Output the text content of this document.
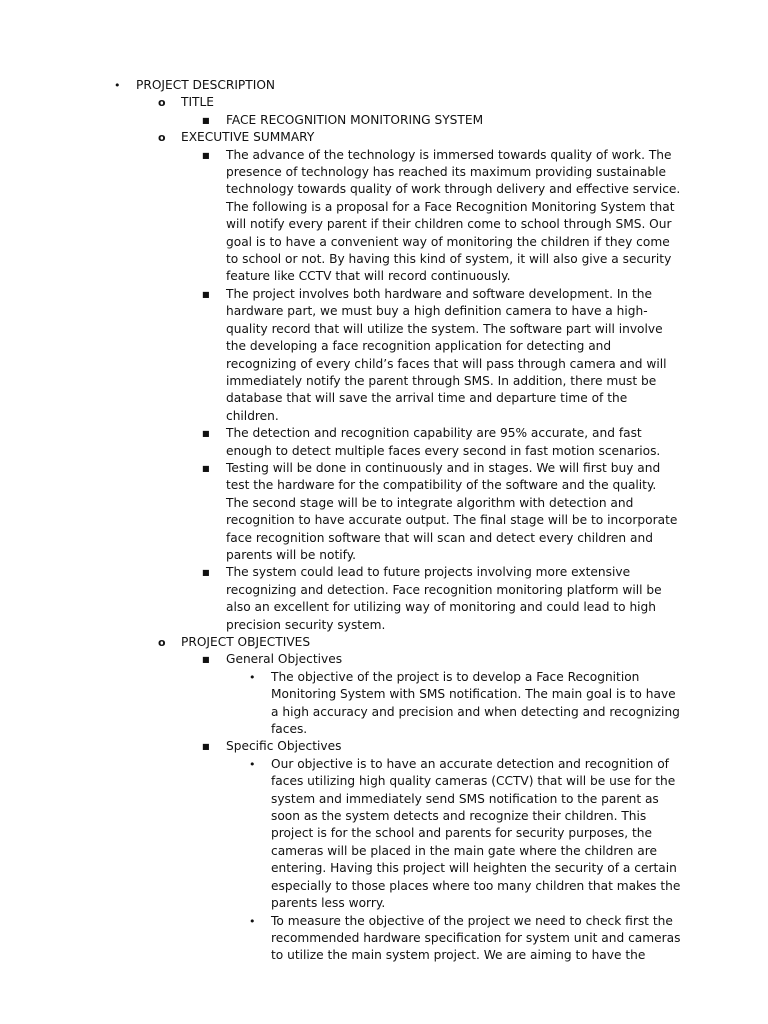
• PROJECT DESCRIPTION
o TITLE
■ FACE RECOGNITION MONITORING SYSTEM
o EXECUTIVE SUMMARY
■ The advance of the technology is immersed towards quality of work. The presence of technology has reached its maximum providing sustainable technology towards quality of work through delivery and effective service. The following is a proposal for a Face Recognition Monitoring System that will notify every parent if their children come to school through SMS. Our goal is to have a convenient way of monitoring the children if they come to school or not. By having this kind of system, it will also give a security feature like CCTV that will record continuously.
■ The project involves both hardware and software development. In the hardware part, we must buy a high definition camera to have a high-quality record that will utilize the system. The software part will involve the developing a face recognition application for detecting and recognizing of every child’s faces that will pass through camera and will immediately notify the parent through SMS. In addition, there must be database that will save the arrival time and departure time of the children.
■ The detection and recognition capability are 95% accurate, and fast enough to detect multiple faces every second in fast motion scenarios.
■ Testing will be done in continuously and in stages. We will first buy and test the hardware for the compatibility of the software and the quality. The second stage will be to integrate algorithm with detection and recognition to have accurate output. The final stage will be to incorporate face recognition software that will scan and detect every children and parents will be notify.
■ The system could lead to future projects involving more extensive recognizing and detection. Face recognition monitoring platform will be also an excellent for utilizing way of monitoring and could lead to high precision security system.
o PROJECT OBJECTIVES
■ General Objectives
• The objective of the project is to develop a Face Recognition Monitoring System with SMS notification. The main goal is to have a high accuracy and precision and when detecting and recognizing faces.
■ Specific Objectives
• Our objective is to have an accurate detection and recognition of faces utilizing high quality cameras (CCTV) that will be use for the system and immediately send SMS notification to the parent as soon as the system detects and recognize their children. This project is for the school and parents for security purposes, the cameras will be placed in the main gate where the children are entering. Having this project will heighten the security of a certain especially to those places where too many children that makes the parents less worry.
• To measure the objective of the project we need to check first the recommended hardware specification for system unit and cameras to utilize the main system project. We are aiming to have the
